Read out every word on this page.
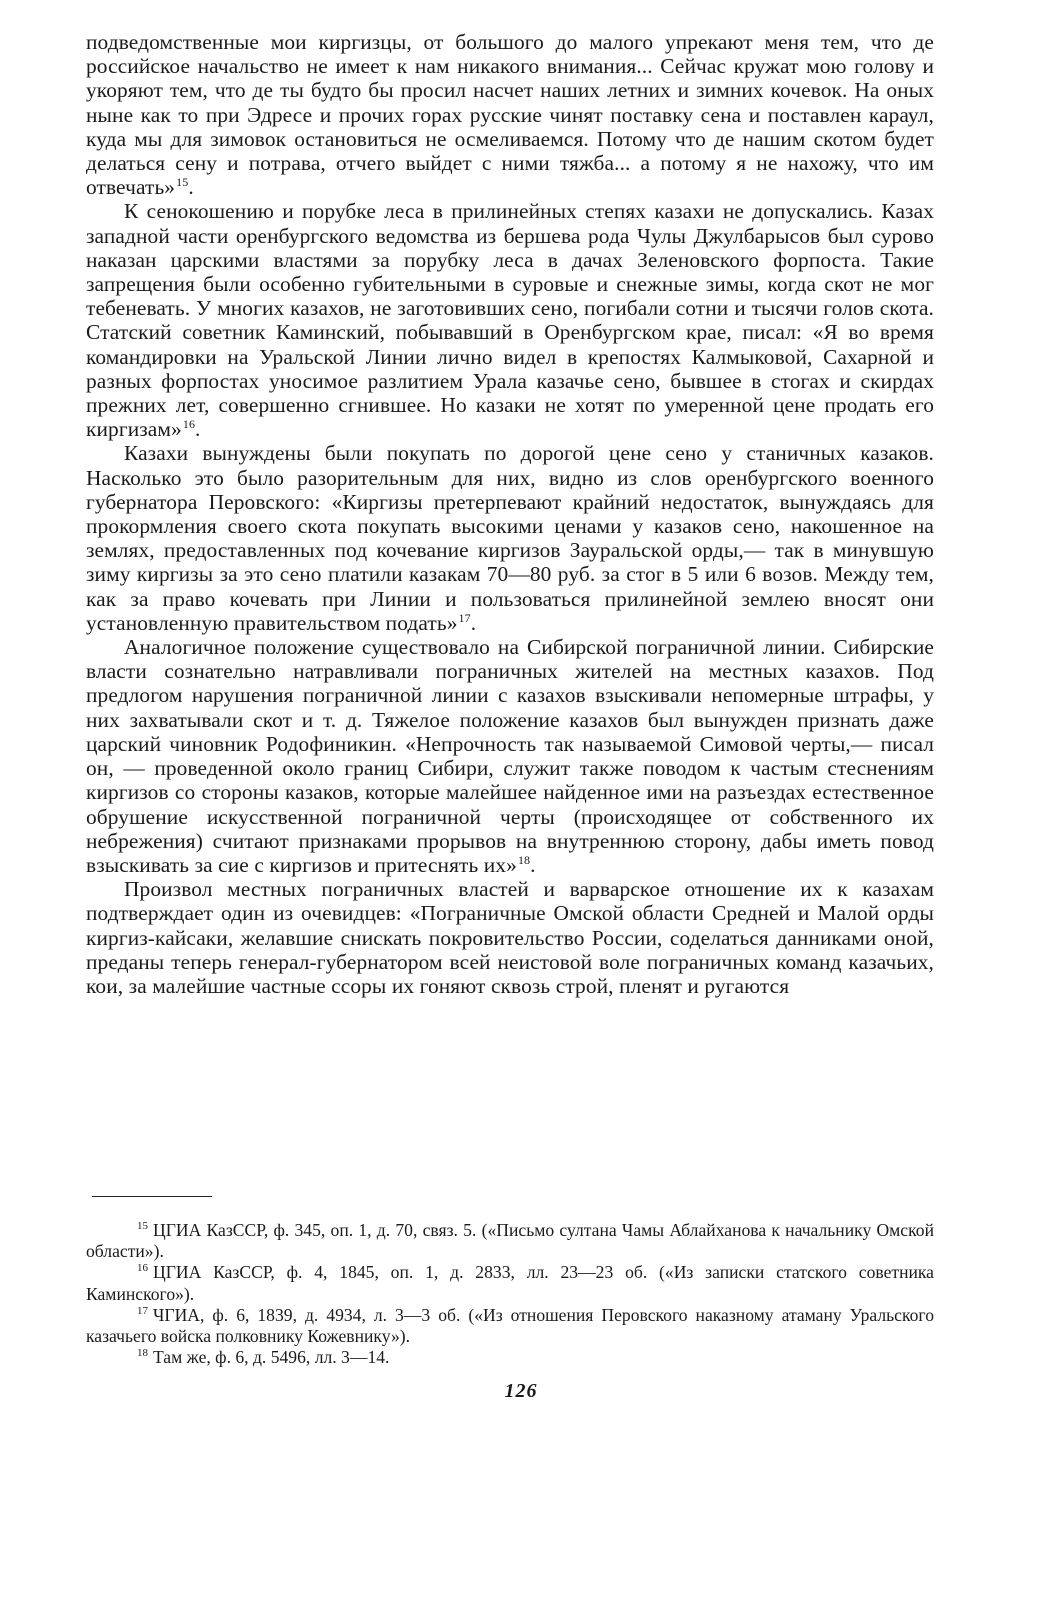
подведомственные мои киргизцы, от большого до малого упрекают меня тем, что де российское начальство не имеет к нам никакого внимания... Сейчас кружат мою голову и укоряют тем, что де ты будто бы просил насчет наших летних и зимних кочевок. На оных ныне как то при Эдресе и прочих горах русские чинят поставку сена и поставлен караул, куда мы для зимовок остановиться не осмеливаемся. Потому что де нашим скотом будет делаться сену и потрава, отчего выйдет с ними тяжба... а потому я не нахожу, что им отвечать»$^{15}$.

К сенокошению и порубке леса в прилинейных степях казахи не допускались. Казах западной части оренбургского ведомства из бершева рода Чулы Джулбарысов был сурово наказан царскими властями за порубку леса в дачах Зеленовского форпоста. Такие запрещения были особенно губительными в суровые и снежные зимы, когда скот не мог тебеневать. У многих казахов, не заготовивших сено, погибали сотни и тысячи голов скота. Статский советник Каминский, побывавший в Оренбургском крае, писал: «Я во время командировки на Уральской Линии лично видел в крепостях Калмыковой, Сахарной и разных форпостах уносимое разлитием Урала казачье сено, бывшее в стогах и скирдах прежних лет, совершенно сгнившее. Но казаки не хотят по умеренной цене продать его киргизам»$^{16}$.

Казахи вынуждены были покупать по дорогой цене сено у станичных казаков. Насколько это было разорительным для них, видно из слов оренбургского военного губернатора Перовского: «Киргизы претерпевают крайний недостаток, вынуждаясь для прокормления своего скота покупать высокими ценами у казаков сено, накошенное на землях, предоставленных под кочевание киргизов Зауральской орды,— так в минувшую зиму киргизы за это сено платили казакам 70—80 руб. за стог в 5 или 6 возов. Между тем, как за право кочевать при Линии и пользоваться прилинейной землею вносят они установленную правительством подать»$^{17}$.

Аналогичное положение существовало на Сибирской пограничной линии. Сибирские власти сознательно натравливали пограничных жителей на местных казахов. Под предлогом нарушения пограничной линии с казахов взыскивали непомерные штрафы, у них захватывали скот и т. д. Тяжелое положение казахов был вынужден признать даже царский чиновник Родофиникин. «Непрочность так называемой Симовой черты,— писал он, — проведенной около границ Сибири, служит также поводом к частым стеснениям киргизов со стороны казаков, которые малейшее найденное ими на разъездах естественное обрушение искусственной пограничной черты (происходящее от собственного их небрежения) считают признаками прорывов на внутреннюю сторону, дабы иметь повод взыскивать за сие с киргизов и притеснять их»$^{18}$.

Произвол местных пограничных властей и варварское отношение их к казахам подтверждает один из очевидцев: «Пограничные Омской области Средней и Малой орды киргиз-кайсаки, желавшие снискать покровительство России, соделаться данниками оной, преданы теперь генерал-губернатором всей неистовой воле пограничных команд казачьих, кои, за малейшие частные ссоры их гоняют сквозь строй, пленят и ругаются

$^{15}$ ЦГИА КазССР, ф. 345, оп. 1, д. 70, связ. 5. («Письмо султана Чамы Аблайханова к начальнику Омской области»).

$^{16}$ ЦГИА КазССР, ф. 4, 1845, оп. 1, д. 2833, лл. 23—23 об. («Из записки статского советника Каминского»).

$^{17}$ ЧГИА, ф. 6, 1839, д. 4934, л. 3—3 об. («Из отношения Перовского наказному атаману Уральского казачьего войска полковнику Кожевнику»).

$^{18}$ Там же, ф. 6, д. 5496, лл. 3—14.

126
